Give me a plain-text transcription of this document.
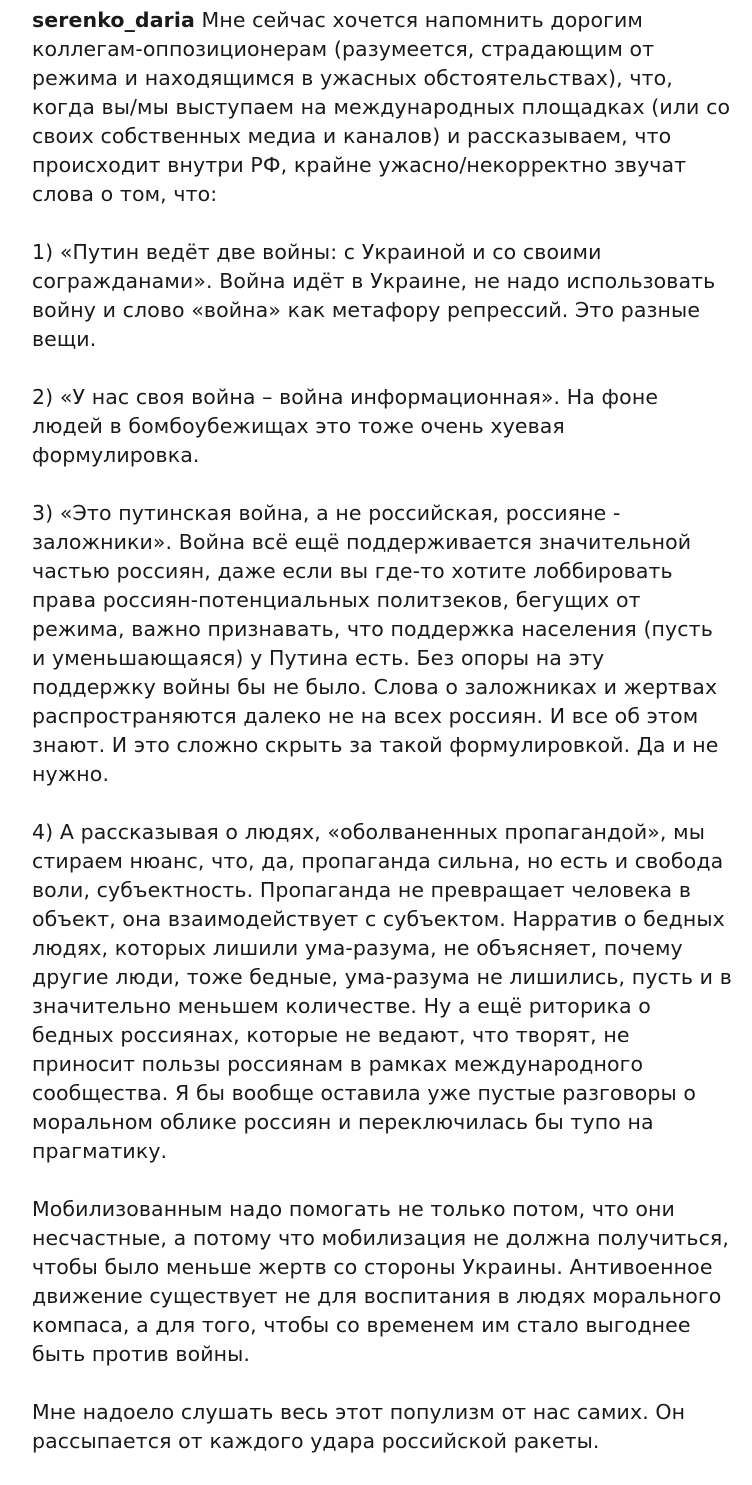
serenko_daria Мне сейчас хочется напомнить дорогим коллегам-оппозиционерам (разумеется, страдающим от режима и находящимся в ужасных обстоятельствах), что, когда вы/мы выступаем на международных площадках (или со своих собственных медиа и каналов) и рассказываем, что происходит внутри РФ, крайне ужасно/некорректно звучат слова о том, что:

1) «Путин ведёт две войны: с Украиной и со своими согражданами». Война идёт в Украине, не надо использовать войну и слово «война» как метафору репрессий. Это разные вещи.

2) «У нас своя война – война информационная». На фоне людей в бомбоубежищах это тоже очень хуевая формулировка.

3) «Это путинская война, а не российская, россияне - заложники». Война всё ещё поддерживается значительной частью россиян, даже если вы где-то хотите лоббировать права россиян-потенциальных политзеков, бегущих от режима, важно признавать, что поддержка населения (пусть и уменьшающаяся) у Путина есть. Без опоры на эту поддержку войны бы не было. Слова о заложниках и жертвах распространяются далеко не на всех россиян. И все об этом знают. И это сложно скрыть за такой формулировкой. Да и не нужно.

4) А рассказывая о людях, «оболваненных пропагандой», мы стираем нюанс, что, да, пропаганда сильна, но есть и свобода воли, субъектность. Пропаганда не превращает человека в объект, она взаимодействует с субъектом. Нарратив о бедных людях, которых лишили ума-разума, не объясняет, почему другие люди, тоже бедные, ума-разума не лишились, пусть и в значительно меньшем количестве. Ну а ещё риторика о бедных россиянах, которые не ведают, что творят, не приносит пользы россиянам в рамках международного сообщества. Я бы вообще оставила уже пустые разговоры о моральном облике россиян и переключилась бы тупо на прагматику.

Мобилизованным надо помогать не только потом, что они несчастные, а потому что мобилизация не должна получиться, чтобы было меньше жертв со стороны Украины. Антивоенное движение существует не для воспитания в людях морального компаса, а для того, чтобы со временем им стало выгоднее быть против войны.

Мне надоело слушать весь этот популизм от нас самих. Он рассыпается от каждого удара российской ракеты.
